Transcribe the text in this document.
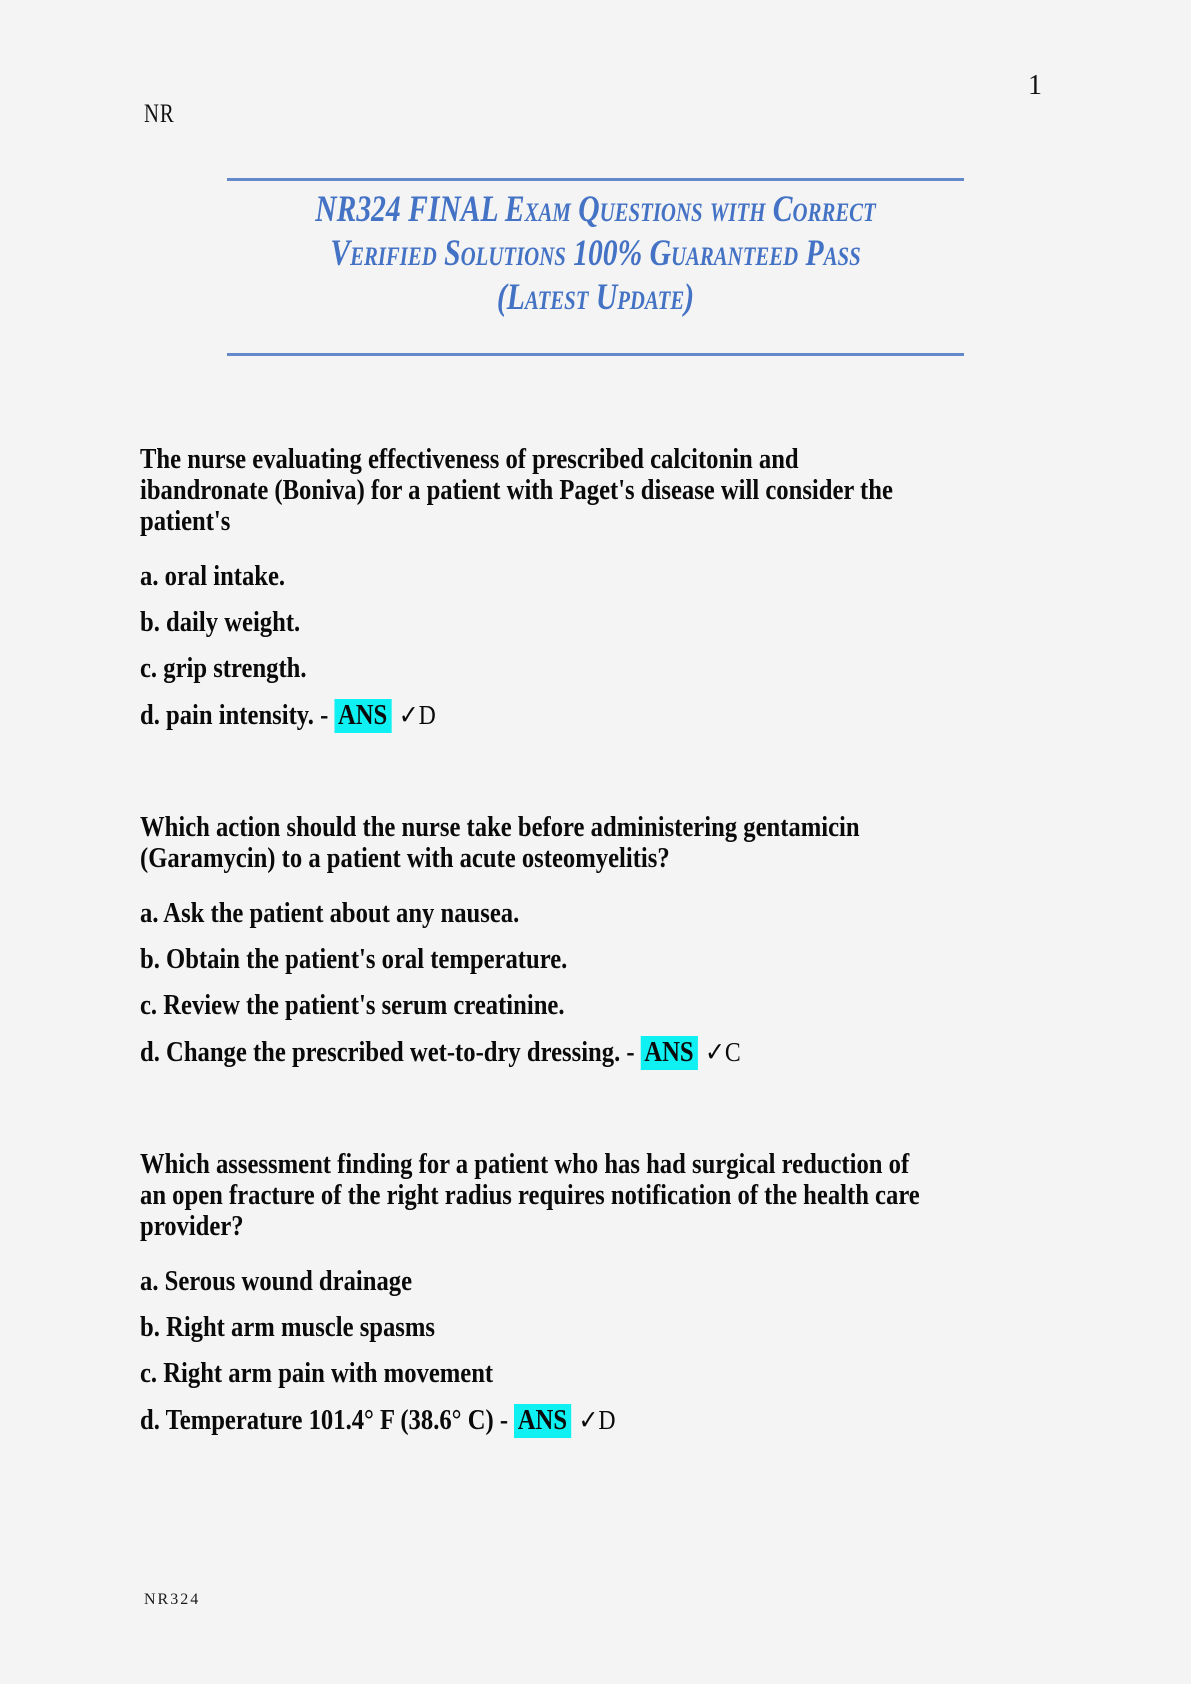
NR
1
NR324 FINAL Exam Questions with Correct
Verified Solutions 100% Guaranteed Pass
(Latest Update)
The nurse evaluating effectiveness of prescribed calcitonin and
ibandronate (Boniva) for a patient with Paget's disease will consider the
patient's
a. oral intake.
b. daily weight.
c. grip strength.
d. pain intensity. - ANS ✓D
Which action should the nurse take before administering gentamicin
(Garamycin) to a patient with acute osteomyelitis?
a. Ask the patient about any nausea.
b. Obtain the patient's oral temperature.
c. Review the patient's serum creatinine.
d. Change the prescribed wet-to-dry dressing. - ANS ✓C
Which assessment finding for a patient who has had surgical reduction of
an open fracture of the right radius requires notification of the health care
provider?
a. Serous wound drainage
b. Right arm muscle spasms
c. Right arm pain with movement
d. Temperature 101.4° F (38.6° C) - ANS ✓D
NR324
